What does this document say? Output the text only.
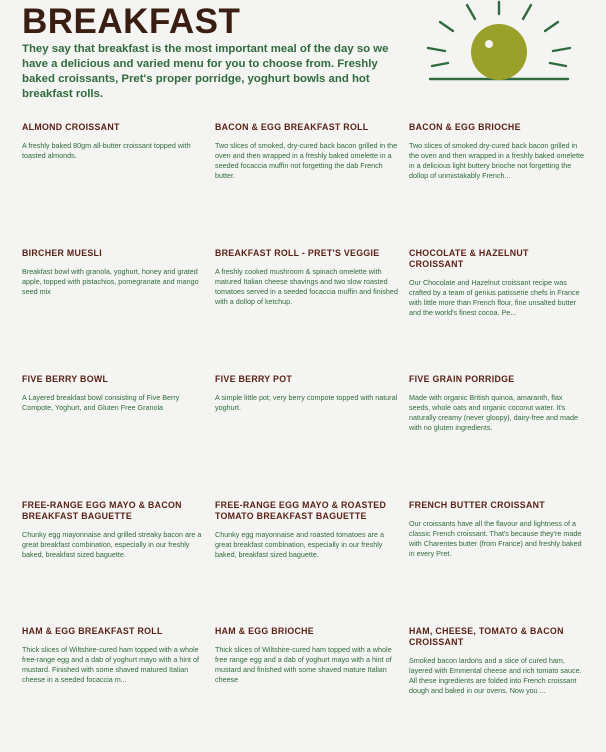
BREAKFAST

They say that breakfast is the most important meal of the day so we have a delicious and varied menu for you to choose from. Freshly baked croissants, Pret's proper porridge, yoghurt bowls and hot breakfast rolls.

ALMOND CROISSANT

A freshly baked 80gm all-butter croissant topped with toasted almonds.

BACON & EGG BREAKFAST ROLL

Two slices of smoked, dry-cured back bacon grilled in the oven and then wrapped in a freshly baked omelette in a seeded focaccia muffin not forgetting the dab French butter.

BACON & EGG BRIOCHE

Two slices of smoked dry-cured back bacon grilled in the oven and then wrapped in a freshly baked omelette in a delicious light buttery brioche not forgetting the dollop of unmistakably French...

BIRCHER MUESLI

Breakfast bowl with granola, yoghurt, honey and grated apple, topped with pistachios, pomegranate and mango seed mix

BREAKFAST ROLL - PRET'S VEGGIE

A freshly cooked mushroom & spinach omelette with matured Italian cheese shavings and two slow roasted tomatoes served in a seeded focaccia muffin and finished with a dollop of ketchup.

CHOCOLATE & HAZELNUT CROISSANT

Our Chocolate and Hazelnut croissant recipe was crafted by a team of genius patisserie chefs in France with little more than French flour, fine unsalted butter and the world's finest cocoa. Pe...

FIVE BERRY BOWL

A Layered breakfast bowl consisting of Five Berry Compote, Yoghurt, and Gluten Free Granola

FIVE BERRY POT

A simple little pot; very berry compote topped with natural yoghurt.

FIVE GRAIN PORRIDGE

Made with organic British quinoa, amaranth, flax seeds, whole oats and organic coconut water. It's naturally creamy (never gloopy), dairy-free and made with no gluten ingredients.

FREE-RANGE EGG MAYO & BACON BREAKFAST BAGUETTE

Chunky egg mayonnaise and grilled streaky bacon are a great breakfast combination, especially in our freshly baked, breakfast sized baguette.

FREE-RANGE EGG MAYO & ROASTED TOMATO BREAKFAST BAGUETTE

Chunky egg mayonnaise and roasted tomatoes are a great breakfast combination, especially in our freshly baked, breakfast sized baguette.

FRENCH BUTTER CROISSANT

Our croissants have all the flavour and lightness of a classic French croissant. That's because they're made with Charentes butter (from France) and freshly baked in every Pret.

HAM & EGG BREAKFAST ROLL

Thick slices of Wiltshire-cured ham topped with a whole free-range egg and a dab of yoghurt mayo with a hint of mustard. Finished with some shaved matured Italian cheese in a seeded focaccia m...

HAM & EGG BRIOCHE

Thick slices of Wiltshire-cured ham topped with a whole free range egg and a dab of yoghurt mayo with a hint of mustard and finished with some shaved mature Italian cheese

HAM, CHEESE, TOMATO & BACON CROISSANT

Smoked bacon lardons and a slice of cured ham, layered with Emmental cheese and rich tomato sauce. All these ingredients are folded into French croissant dough and baked in our ovens. Now you ...
